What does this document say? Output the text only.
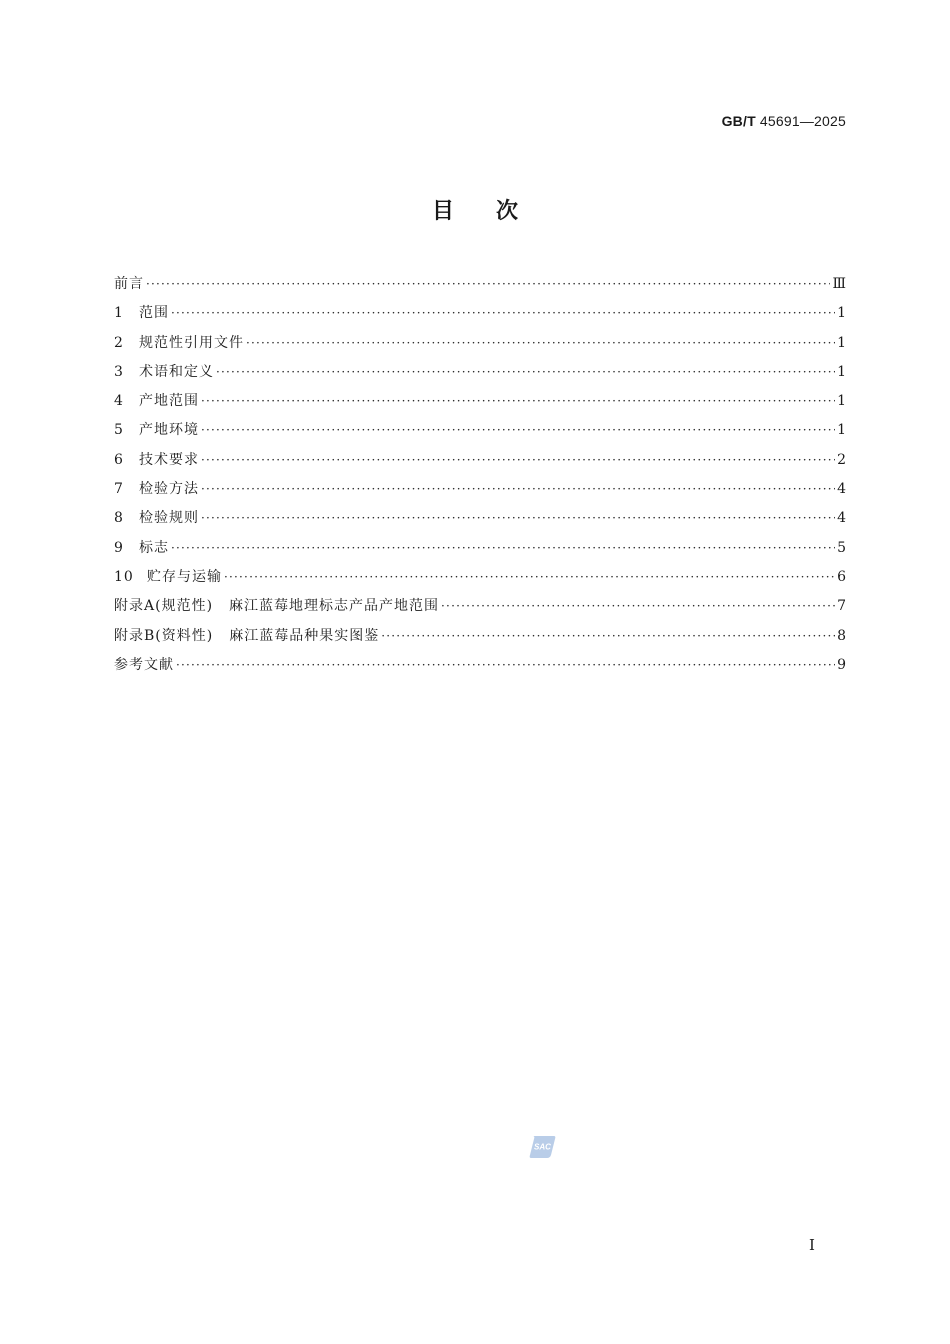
GB/T 45691—2025
目次
前言 ·····	Ⅲ
1 范围 ·····	1
2 规范性引用文件 ·····	1
3 术语和定义 ·····	1
4 产地范围 ·····	1
5 产地环境 ·····	1
6 技术要求 ·····	2
7 检验方法 ·····	4
8 检验规则 ·····	4
9 标志 ·····	5
10 贮存与运输 ·····	6
附录A(规范性) 麻江蓝莓地理标志产品产地范围 ·····	7
附录B(资料性) 麻江蓝莓品种果实图鉴 ·····	8
参考文献 ·····	9
SAC
I
